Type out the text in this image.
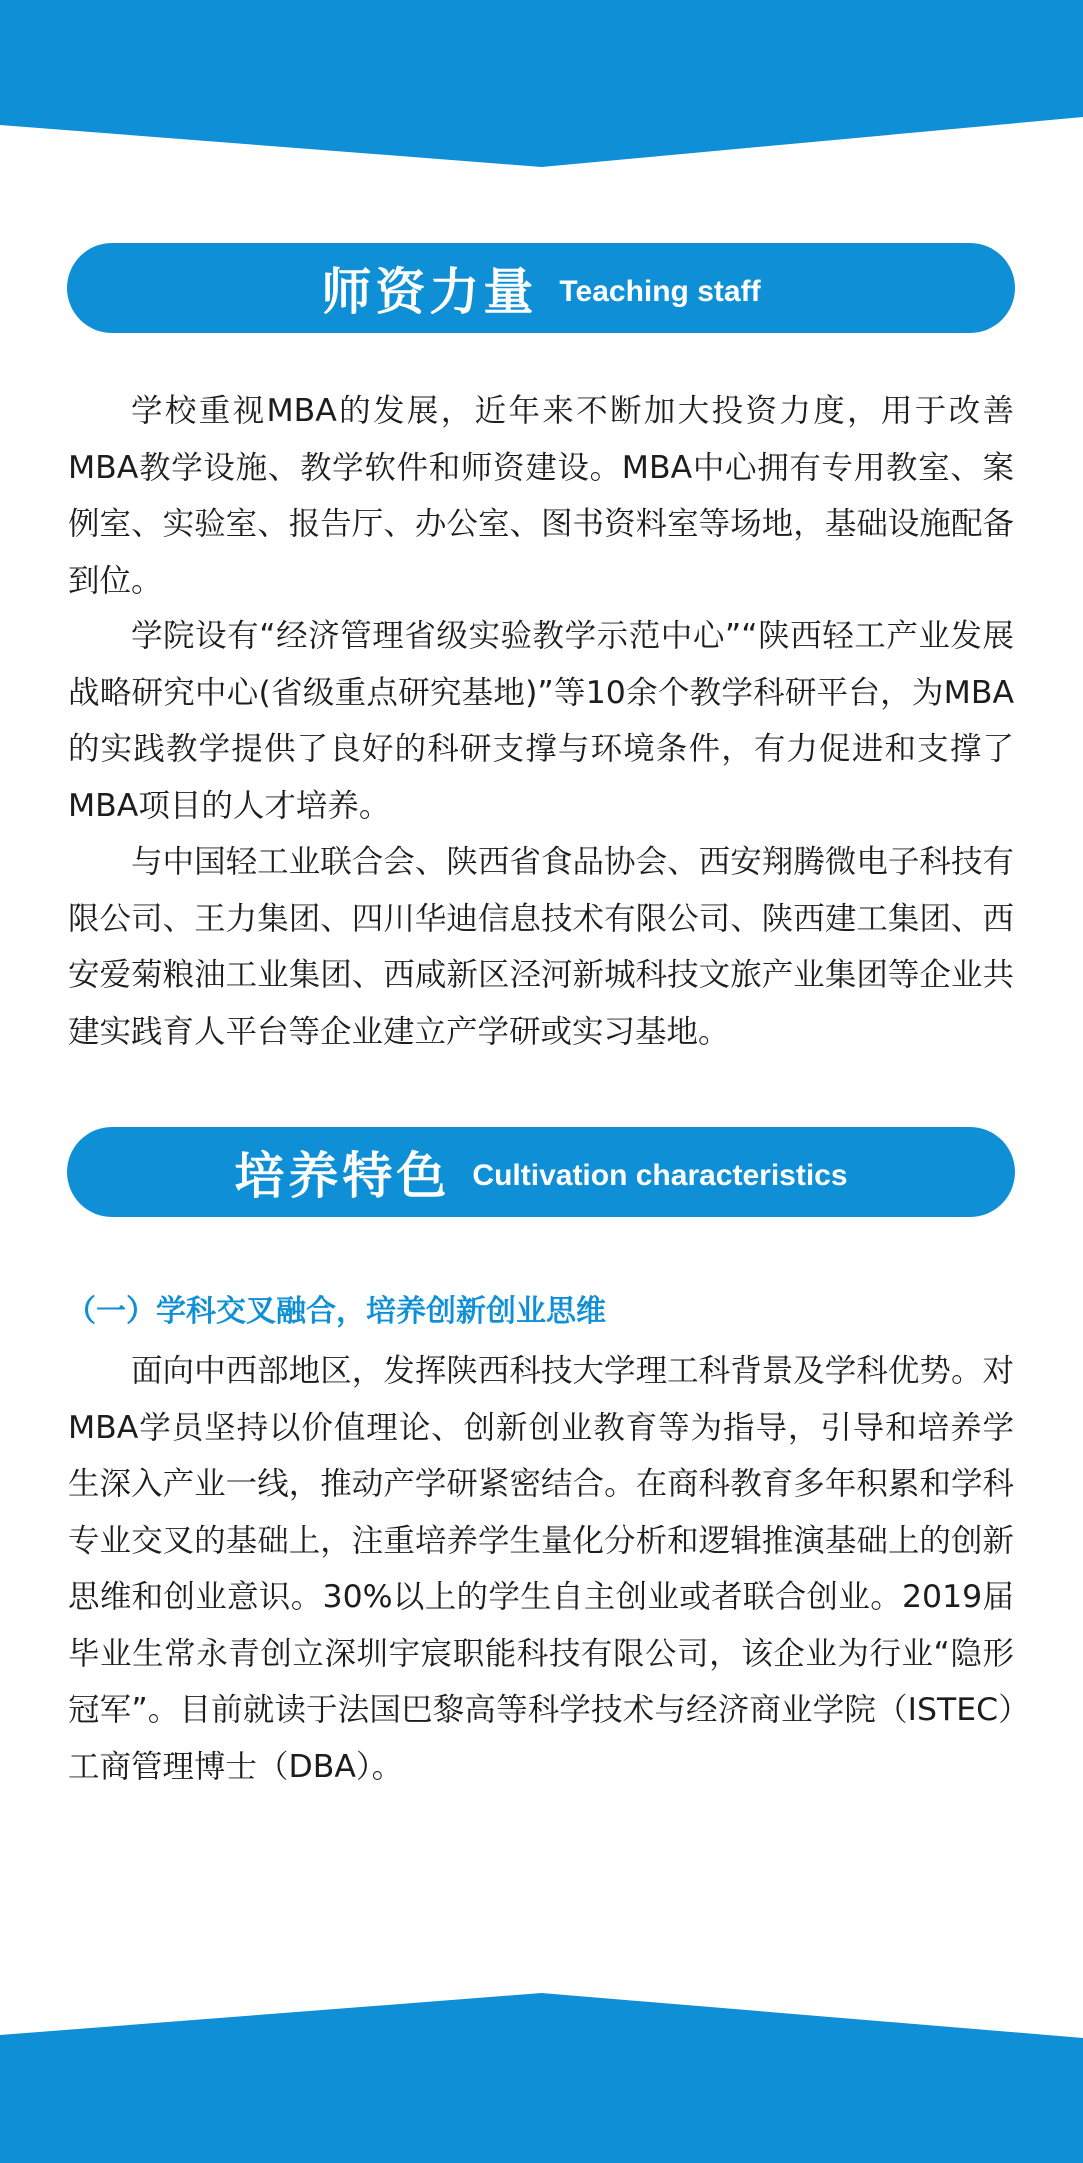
师资力量 Teaching staff

学校重视MBA的发展，近年来不断加大投资力度，用于改善MBA教学设施、教学软件和师资建设。MBA中心拥有专用教室、案例室、实验室、报告厅、办公室、图书资料室等场地，基础设施配备到位。

学院设有“经济管理省级实验教学示范中心”“陕西轻工产业发展战略研究中心(省级重点研究基地)”等10余个教学科研平台，为MBA的实践教学提供了良好的科研支撑与环境条件，有力促进和支撑了MBA项目的人才培养。

与中国轻工业联合会、陕西省食品协会、西安翔腾微电子科技有限公司、王力集团、四川华迪信息技术有限公司、陕西建工集团、西安爱菊粮油工业集团、西咸新区泾河新城科技文旅产业集团等企业共建实践育人平台等企业建立产学研或实习基地。

培养特色 Cultivation characteristics
（一）学科交叉融合，培养创新创业思维

面向中西部地区，发挥陕西科技大学理工科背景及学科优势。对MBA学员坚持以价值理论、创新创业教育等为指导，引导和培养学生深入产业一线，推动产学研紧密结合。在商科教育多年积累和学科专业交叉的基础上，注重培养学生量化分析和逻辑推演基础上的创新思维和创业意识。30%以上的学生自主创业或者联合创业。2019届毕业生常永青创立深圳宇宸职能科技有限公司，该企业为行业“隐形冠军”。目前就读于法国巴黎高等科学技术与经济商业学院（ISTEC）工商管理博士（DBA）。
